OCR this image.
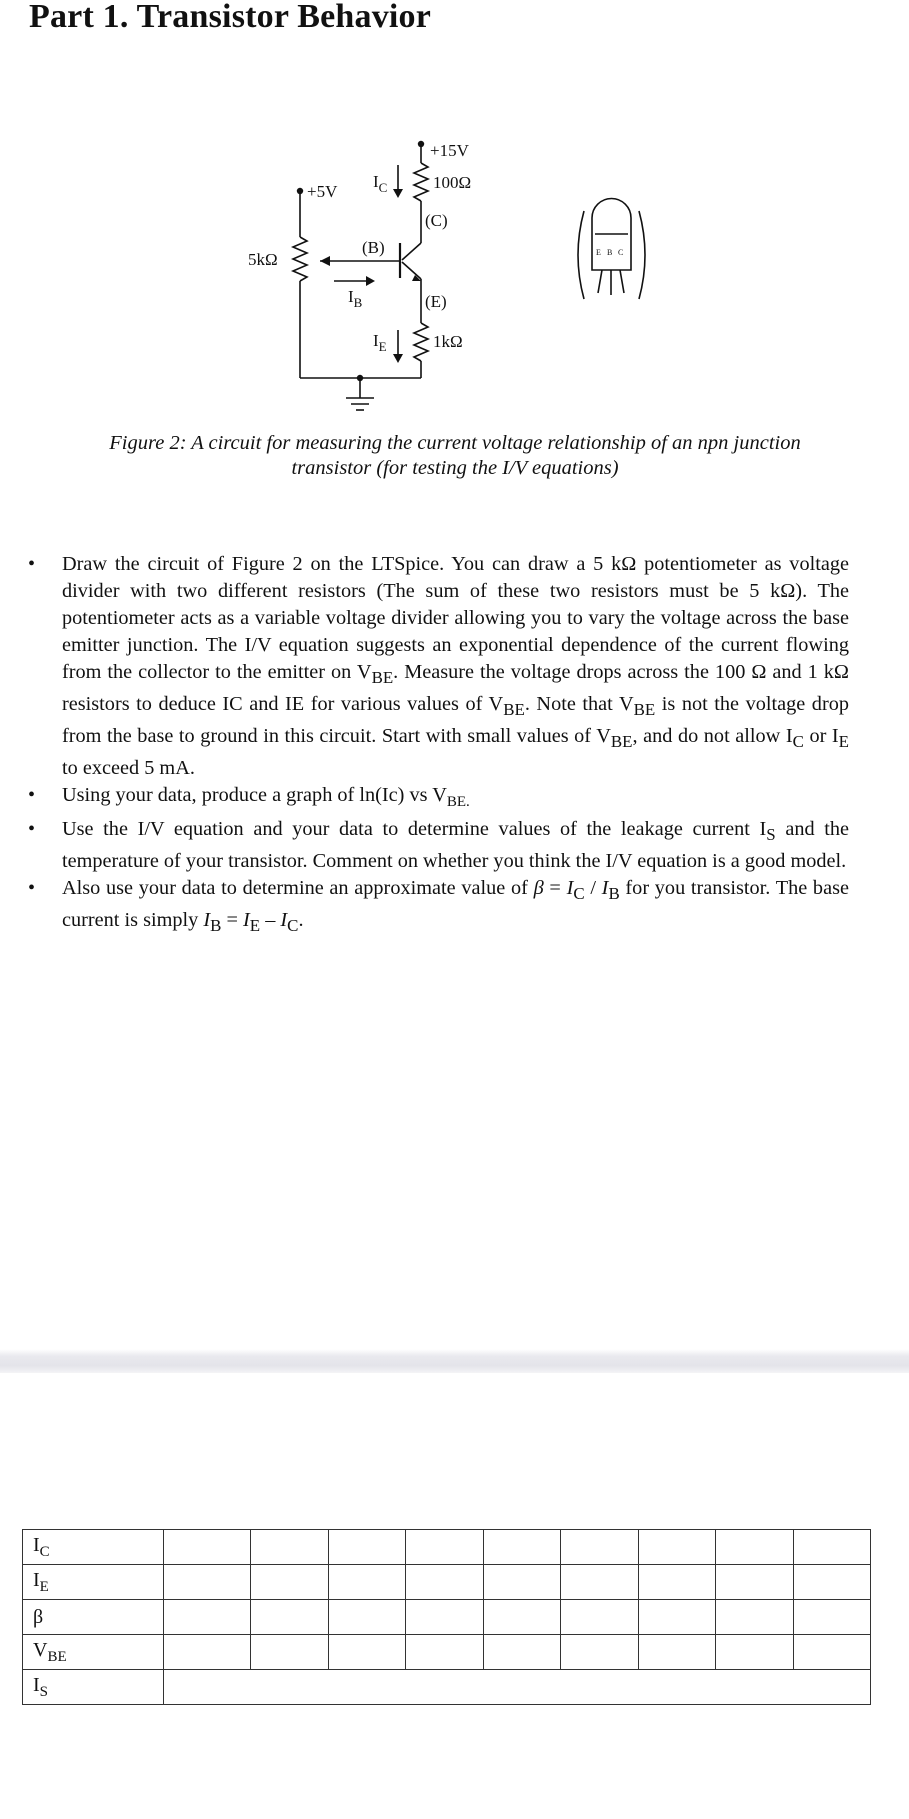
Part 1. Transistor Behavior
+15V
100Ω
(C)
(B)
(E)
+5V
5kΩ
1kΩ
$I_C$
$I_B$
$I_E$
E B C
Figure 2: A circuit for measuring the current voltage relationship of an npn junction
transistor (for testing the I/V equations)
• Draw the circuit of Figure 2 on the LTSpice. You can draw a 5 kΩ potentiometer as voltage divider with two different resistors (The sum of these two resistors must be 5 kΩ). The potentiometer acts as a variable voltage divider allowing you to vary the voltage across the base emitter junction. The I/V equation suggests an exponential dependence of the current flowing from the collector to the emitter on $V_{BE}$. Measure the voltage drops across the 100 Ω and 1 kΩ resistors to deduce IC and IE for various values of $V_{BE}$. Note that $V_{BE}$ is not the voltage drop from the base to ground in this circuit. Start with small values of $V_{BE}$, and do not allow $I_C$ or $I_E$ to exceed 5 mA.
• Using your data, produce a graph of ln(Ic) vs $V_{BE.}$
• Use the I/V equation and your data to determine values of the leakage current $I_S$ and the temperature of your transistor. Comment on whether you think the I/V equation is a good model.
• Also use your data to determine an approximate value of $\beta = I_C / I_B$ for you transistor. The base current is simply $I_B = I_E - I_C$.
$I_C$									
$I_E$									
β									
$V_{BE}$									
$I_S$	
